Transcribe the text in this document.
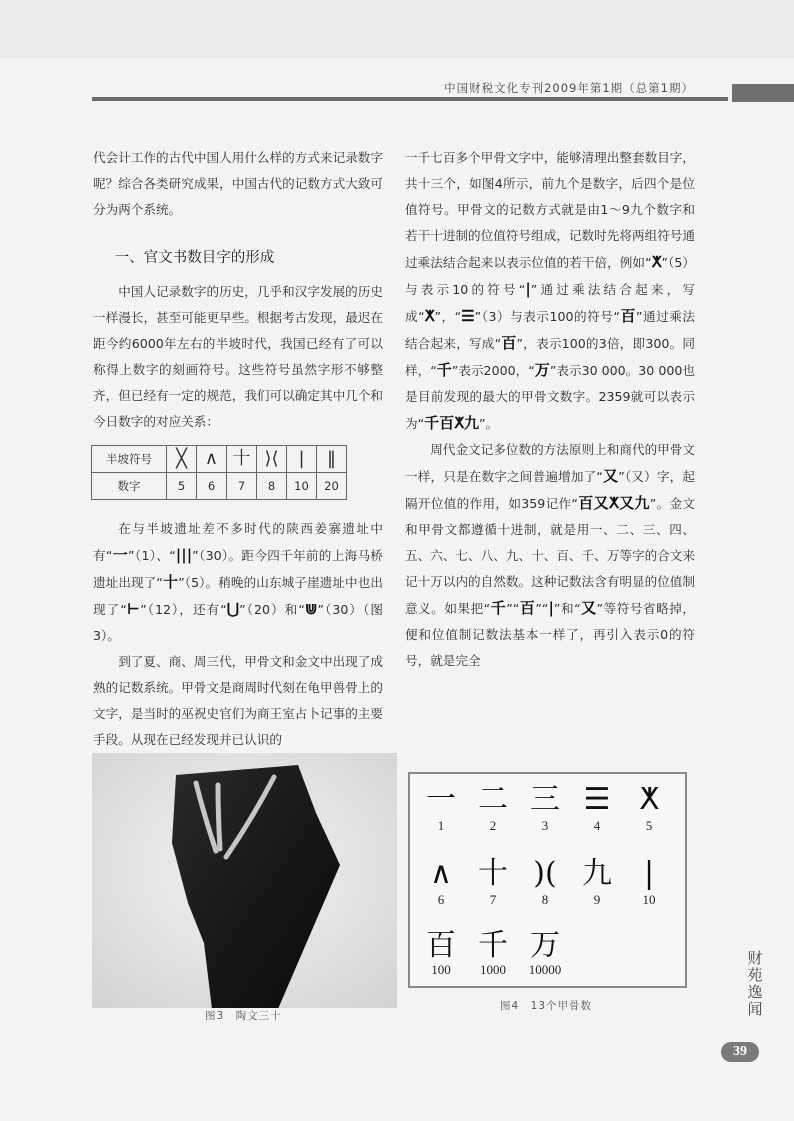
中国财税文化专刊2009年第1期（总第1期）

代会计工作的古代中国人用什么样的方式来记录数字呢？综合各类研究成果，中国古代的记数方式大致可分为两个系统。

一、官文书数目字的形成

中国人记录数字的历史，几乎和汉字发展的历史一样漫长，甚至可能更早些。根据考古发现，最迟在距今约6000年左右的半坡时代，我国已经有了可以称得上数字的刻画符号。这些符号虽然字形不够整齐，但已经有一定的规范，我们可以确定其中几个和今日数字的对应关系：

半坡符号	╳	∧	十	⟩⟨	|	‖
数字	5	6	7	8	10	20

在与半坡遗址差不多时代的陕西姜寨遗址中有“一”（1）、“|||”（30）。距今四千年前的上海马桥遗址出现了“十”（5）。稍晚的山东城子崖遗址中也出现了“⊢”（12），还有“⋃”（20）和“⋓”（30）（图3）。

到了夏、商、周三代，甲骨文和金文中出现了成熟的记数系统。甲骨文是商周时代刻在龟甲兽骨上的文字，是当时的巫祝史官们为商王室占卜记事的主要手段。从现在已经发现并已认识的

一千七百多个甲骨文字中，能够清理出整套数目字，共十三个，如图4所示，前九个是数字，后四个是位值符号。甲骨文的记数方式就是由1～9九个数字和若干十进制的位值符号组成，记数时先将两组符号通过乘法结合起来以表示位值的若干倍，例如“ⵅ”（5）与表示10的符号“|”通过乘法结合起来，写成“ⵅ”，“☰”（3）与表示100的符号“百”通过乘法结合起来，写成“百”，表示100的3倍，即300。同样，“千”表示2000，“万”表示30 000。30 000也是目前发现的最大的甲骨文数字。2359就可以表示为“千百ⵅ九”。

周代金文记多位数的方法原则上和商代的甲骨文一样，只是在数字之间普遍增加了“又”（又）字，起隔开位值的作用，如359记作“百又ⵅ又九”。金文和甲骨文都遵循十进制，就是用一、二、三、四、五、六、七、八、九、十、百、千、万等字的合文来记十万以内的自然数。这种记数法含有明显的位值制意义。如果把“千”“百”“|”和“又”等符号省略掉，便和位值制记数法基本一样了，再引入表示0的符号，就是完全

图3　陶文三十
一
1
二
2
三
3
☰
4
ⵅ
5
∧
6
十
7
)(
8
九
9
|
10
百
100
千
1000
万
10000
图4　13个甲骨数
财苑逸闻
39
